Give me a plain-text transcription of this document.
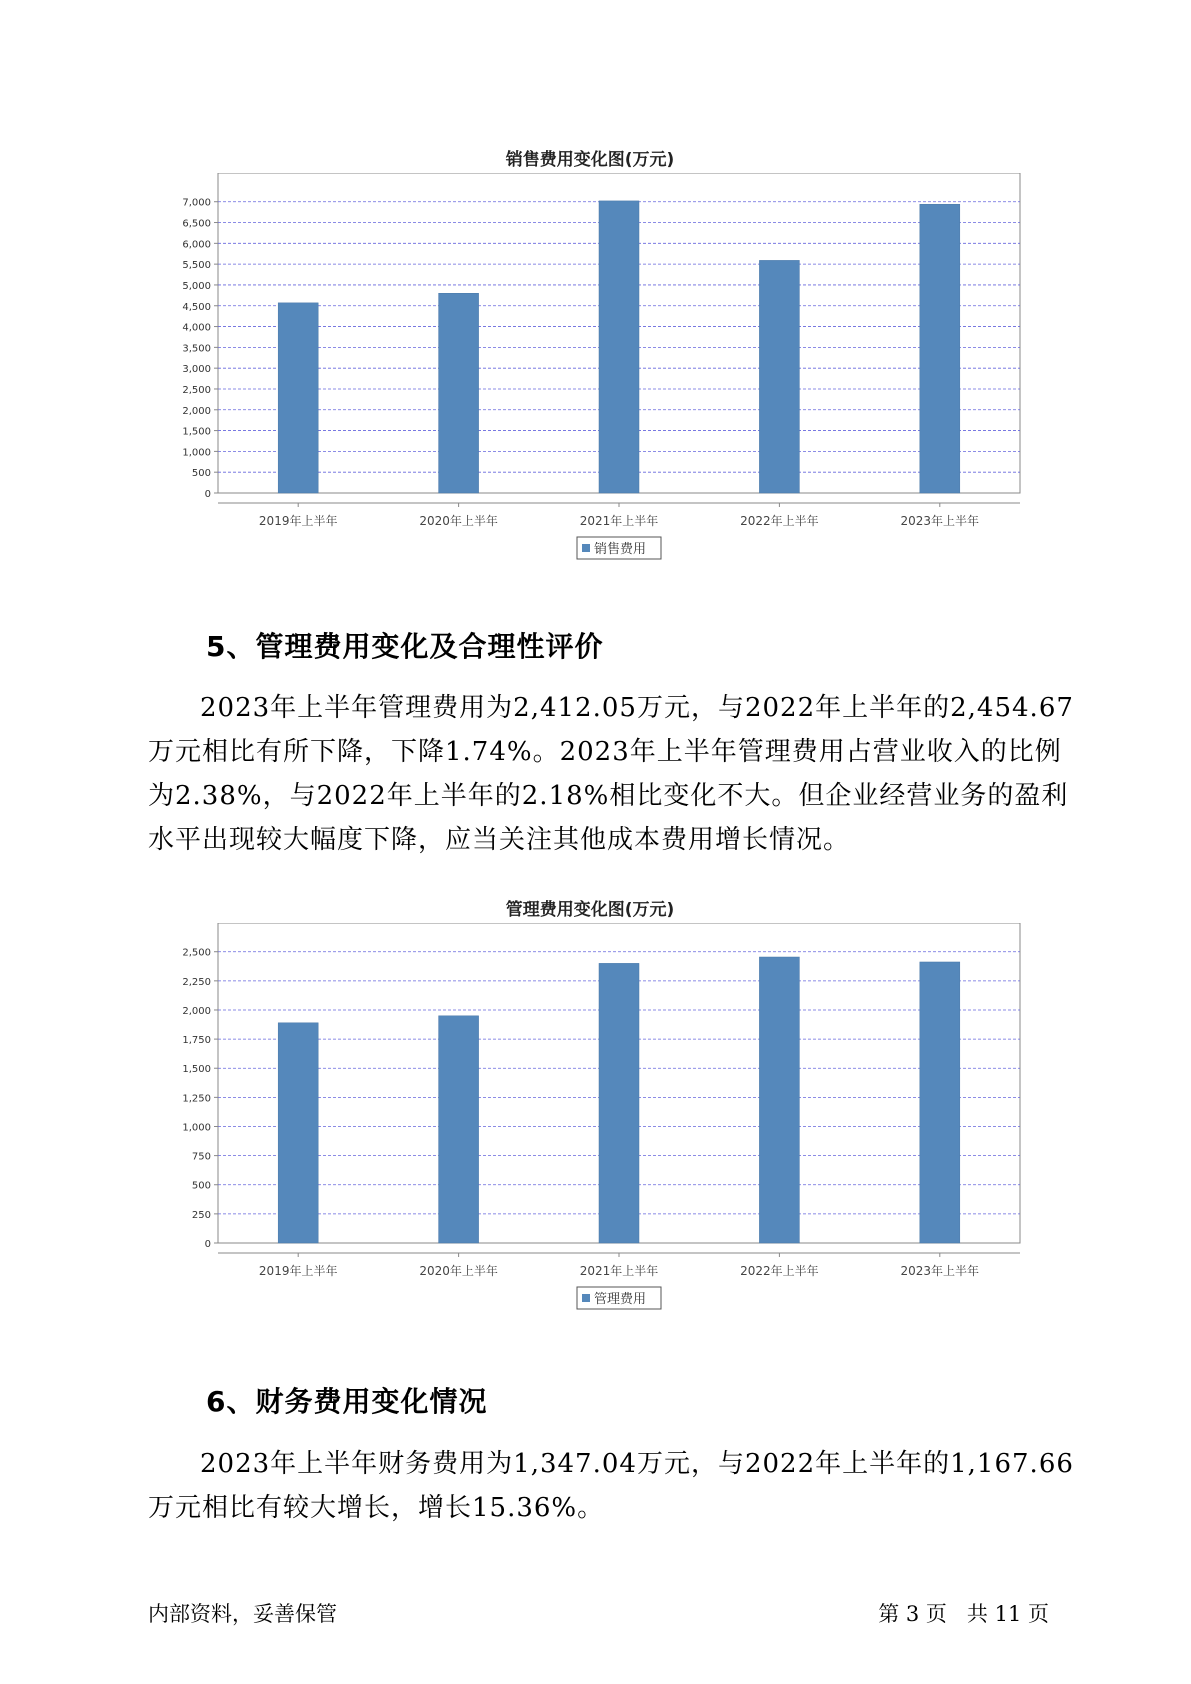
销售费用变化图(万元)
0
500
1,000
1,500
2,000
2,500
3,000
3,500
4,000
4,500
5,000
5,500
6,000
6,500
7,000
2019年上半年	2020年上半年	2021年上半年	2022年上半年	2023年上半年
销售费用
5、管理费用变化及合理性评价

2023年上半年管理费用为2,412.05万元，与2022年上半年的2,454.67
万元相比有所下降，下降1.74%。2023年上半年管理费用占营业收入的比例
为2.38%，与2022年上半年的2.18%相比变化不大。但企业经营业务的盈利
水平出现较大幅度下降，应当关注其他成本费用增长情况。

管理费用变化图(万元)
0
250
500
750
1,000
1,250
1,500
1,750
2,000
2,250
2,500
2019年上半年	2020年上半年	2021年上半年	2022年上半年	2023年上半年
管理费用
6、财务费用变化情况

2023年上半年财务费用为1,347.04万元，与2022年上半年的1,167.66
万元相比有较大增长，增长15.36%。

内部资料，妥善保管	第 3 页   共 11 页
